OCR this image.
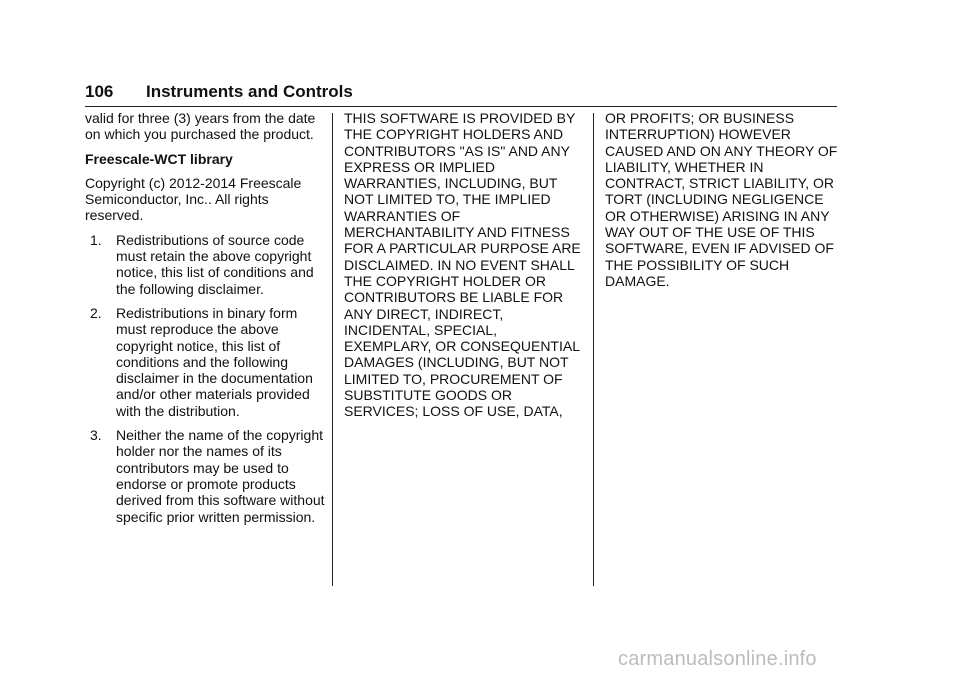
106 Instruments and Controls

valid for three (3) years from the date on which you purchased the product.

Freescale-WCT library

Copyright (c) 2012-2014 Freescale Semiconductor, Inc.. All rights reserved.

1. Redistributions of source code must retain the above copyright notice, this list of conditions and the following disclaimer.
2. Redistributions in binary form must reproduce the above copyright notice, this list of conditions and the following disclaimer in the documentation and/or other materials provided with the distribution.
3. Neither the name of the copyright holder nor the names of its contributors may be used to endorse or promote products derived from this software without specific prior written permission.

THIS SOFTWARE IS PROVIDED BY THE COPYRIGHT HOLDERS AND CONTRIBUTORS "AS IS" AND ANY EXPRESS OR IMPLIED WARRANTIES, INCLUDING, BUT NOT LIMITED TO, THE IMPLIED WARRANTIES OF MERCHANTABILITY AND FITNESS FOR A PARTICULAR PURPOSE ARE DISCLAIMED. IN NO EVENT SHALL THE COPYRIGHT HOLDER OR CONTRIBUTORS BE LIABLE FOR ANY DIRECT, INDIRECT, INCIDENTAL, SPECIAL, EXEMPLARY, OR CONSEQUENTIAL DAMAGES (INCLUDING, BUT NOT LIMITED TO, PROCUREMENT OF SUBSTITUTE GOODS OR SERVICES; LOSS OF USE, DATA,

OR PROFITS; OR BUSINESS INTERRUPTION) HOWEVER CAUSED AND ON ANY THEORY OF LIABILITY, WHETHER IN CONTRACT, STRICT LIABILITY, OR TORT (INCLUDING NEGLIGENCE OR OTHERWISE) ARISING IN ANY WAY OUT OF THE USE OF THIS SOFTWARE, EVEN IF ADVISED OF THE POSSIBILITY OF SUCH DAMAGE.

carmanualsonline.info
